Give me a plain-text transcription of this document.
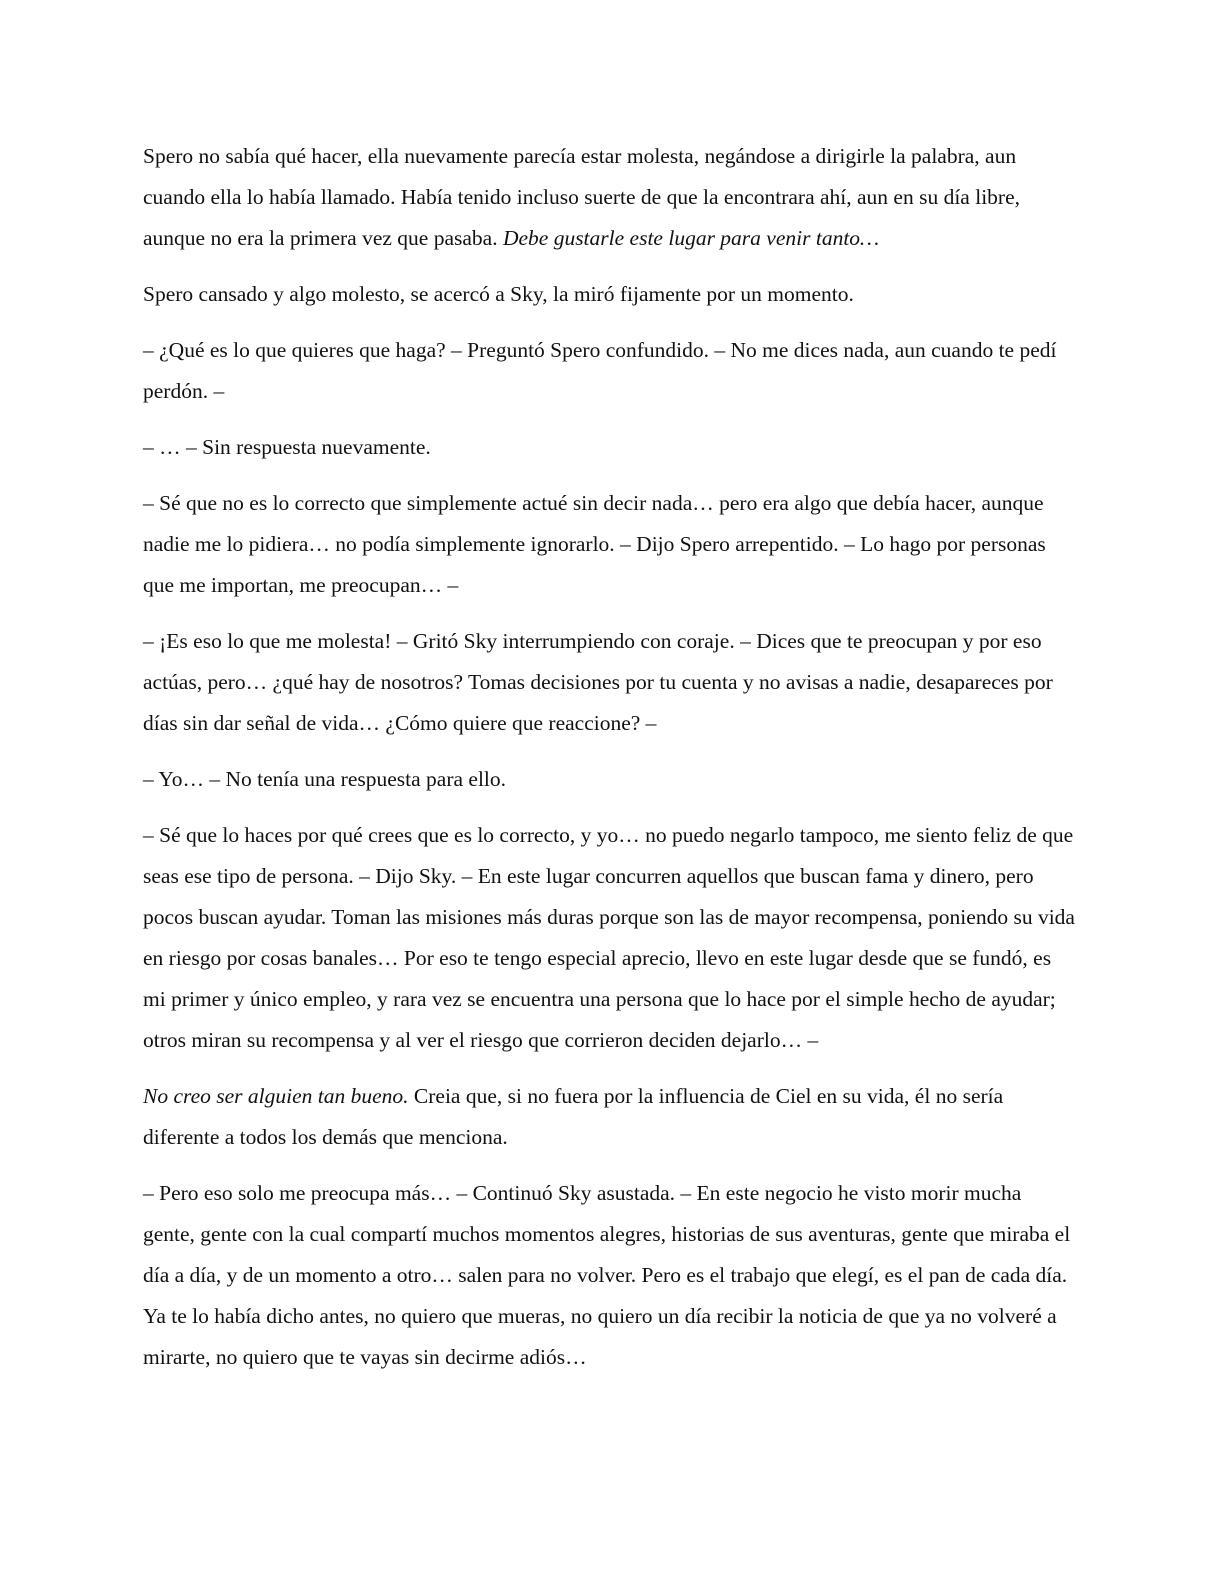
Spero no sabía qué hacer, ella nuevamente parecía estar molesta, negándose a dirigirle la palabra, aun cuando ella lo había llamado. Había tenido incluso suerte de que la encontrara ahí, aun en su día libre, aunque no era la primera vez que pasaba. Debe gustarle este lugar para venir tanto…

Spero cansado y algo molesto, se acercó a Sky, la miró fijamente por un momento.

– ¿Qué es lo que quieres que haga? – Preguntó Spero confundido. – No me dices nada, aun cuando te pedí perdón. –

– … – Sin respuesta nuevamente.

– Sé que no es lo correcto que simplemente actué sin decir nada… pero era algo que debía hacer, aunque nadie me lo pidiera… no podía simplemente ignorarlo. – Dijo Spero arrepentido. – Lo hago por personas que me importan, me preocupan… –

– ¡Es eso lo que me molesta! – Gritó Sky interrumpiendo con coraje. – Dices que te preocupan y por eso actúas, pero… ¿qué hay de nosotros? Tomas decisiones por tu cuenta y no avisas a nadie, desapareces por días sin dar señal de vida… ¿Cómo quiere que reaccione? –

– Yo… – No tenía una respuesta para ello.

– Sé que lo haces por qué crees que es lo correcto, y yo… no puedo negarlo tampoco, me siento feliz de que seas ese tipo de persona. – Dijo Sky. – En este lugar concurren aquellos que buscan fama y dinero, pero pocos buscan ayudar. Toman las misiones más duras porque son las de mayor recompensa, poniendo su vida en riesgo por cosas banales… Por eso te tengo especial aprecio, llevo en este lugar desde que se fundó, es mi primer y único empleo, y rara vez se encuentra una persona que lo hace por el simple hecho de ayudar; otros miran su recompensa y al ver el riesgo que corrieron deciden dejarlo… –

No creo ser alguien tan bueno. Creia que, si no fuera por la influencia de Ciel en su vida, él no sería diferente a todos los demás que menciona.

– Pero eso solo me preocupa más… – Continuó Sky asustada. – En este negocio he visto morir mucha gente, gente con la cual compartí muchos momentos alegres, historias de sus aventuras, gente que miraba el día a día, y de un momento a otro… salen para no volver. Pero es el trabajo que elegí, es el pan de cada día. Ya te lo había dicho antes, no quiero que mueras, no quiero un día recibir la noticia de que ya no volveré a mirarte, no quiero que te vayas sin decirme adiós…
